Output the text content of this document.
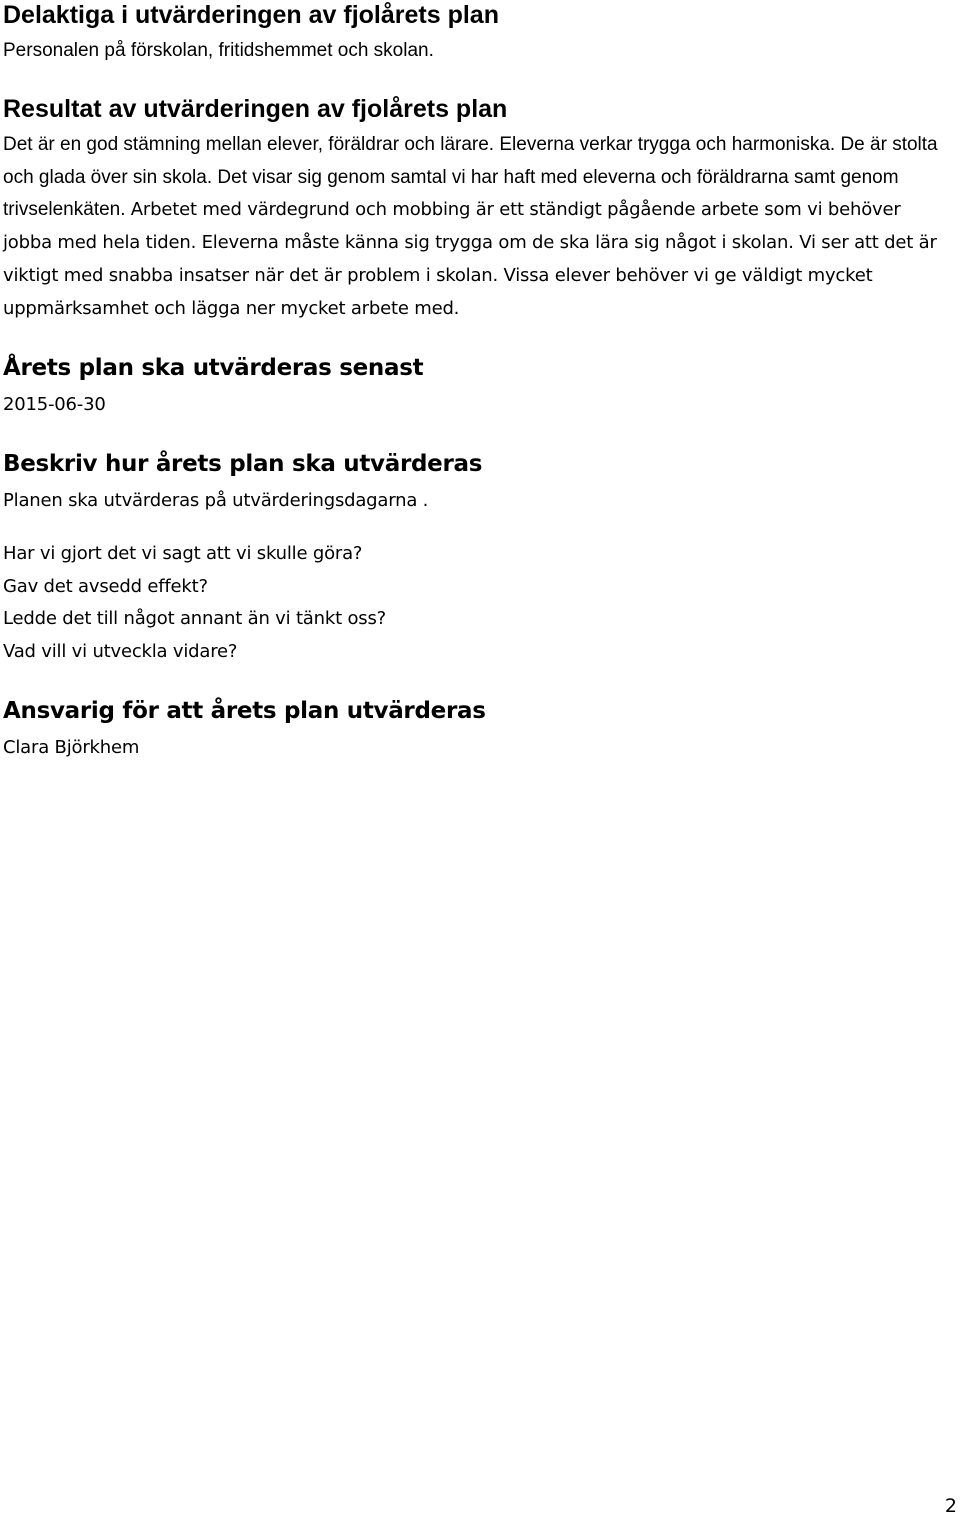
Delaktiga i utvärderingen av fjolårets plan

Personalen på förskolan, fritidshemmet och skolan.

Resultat av utvärderingen av fjolårets plan

Det är en god stämning mellan elever, föräldrar och lärare. Eleverna verkar trygga och harmoniska. De är stolta och glada över sin skola. Det visar sig genom samtal vi har haft med eleverna och föräldrarna samt genom trivselenkäten. Arbetet med värdegrund och mobbing är ett ständigt pågående arbete som vi behöver jobba med hela tiden. Eleverna måste känna sig trygga om de ska lära sig något i skolan. Vi ser att det är viktigt med snabba insatser när det är problem i skolan. Vissa elever behöver vi ge väldigt mycket uppmärksamhet och lägga ner mycket arbete med.

Årets plan ska utvärderas senast

2015-06-30

Beskriv hur årets plan ska utvärderas

Planen ska utvärderas på utvärderingsdagarna .

Har vi gjort det vi sagt att vi skulle göra?

Gav det avsedd effekt?

Ledde det till något annant än vi tänkt oss?

Vad vill vi utveckla vidare?

Ansvarig för att årets plan utvärderas

Clara Björkhem

2
